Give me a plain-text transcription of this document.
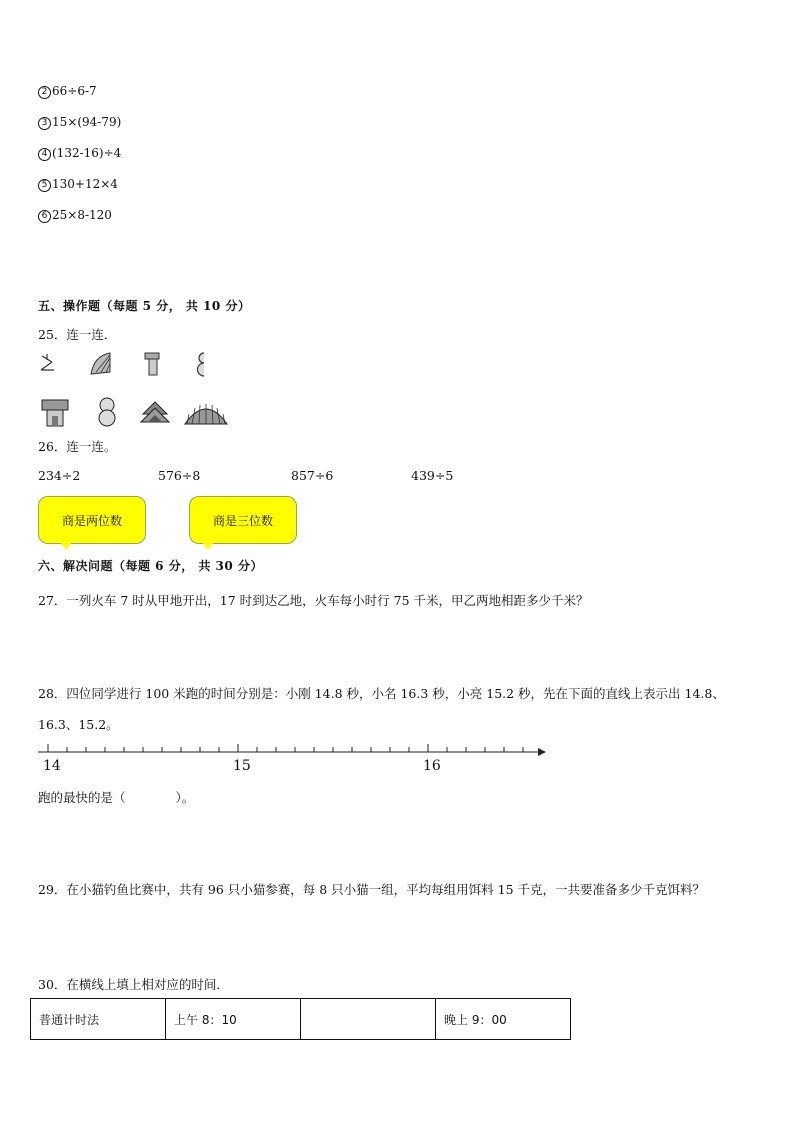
2 66÷6-7
3 15×(94-79)
4 (132-16)÷4
5 130+12×4
6 25×8-120
五、操作题（每题 5 分， 共 10 分）
25．连一连．
26．连一连。
234÷2	576÷8	857÷6	439÷5
商是两位数	商是三位数
六、解决问题（每题 6 分， 共 30 分）
27．一列火车 7 时从甲地开出，17 时到达乙地，火车每小时行 75 千米，甲乙两地相距多少千米？
28．四位同学进行 100 米跑的时间分别是：小刚 14.8 秒，小名 16.3 秒，小亮 15.2 秒，先在下面的直线上表示出 14.8、
16.3、15.2。
14	15	16
跑的最快的是（　　　　）。
29．在小猫钓鱼比赛中，共有 96 只小猫参赛，每 8 只小猫一组，平均每组用饵料 15 千克，一共要准备多少千克饵料？
30．在横线上填上相对应的时间．
普通计时法	上午 8：10		晚上 9：00
